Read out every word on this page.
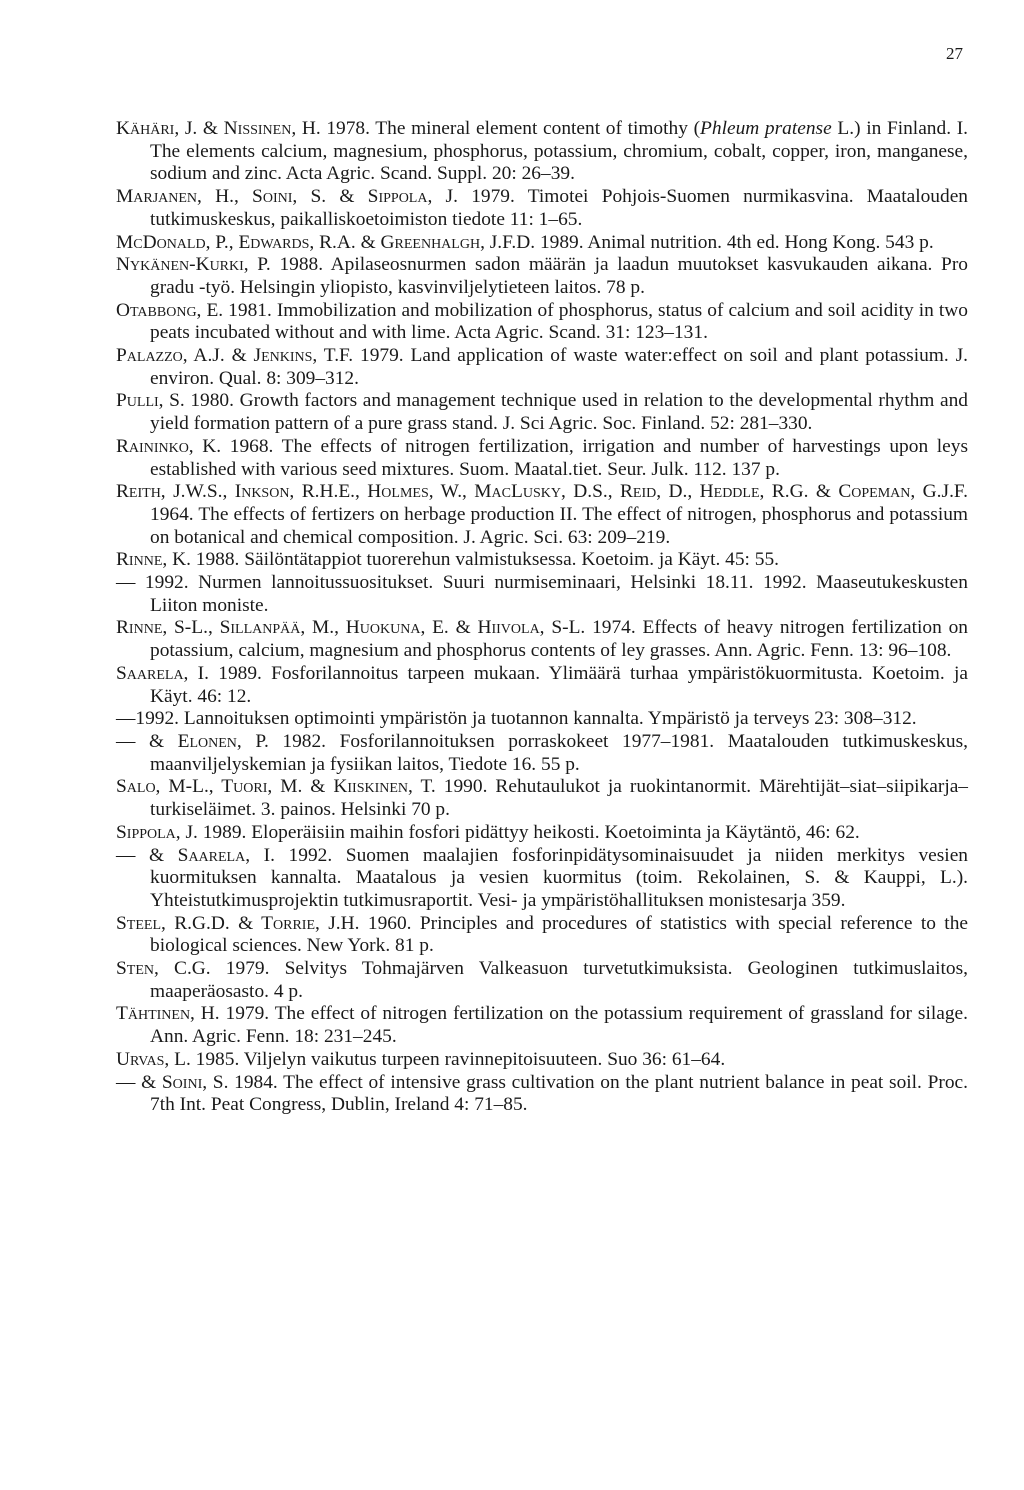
27

Kähäri, J. & Nissinen, H. 1978. The mineral element content of timothy (Phleum pratense L.) in Finland. I. The elements calcium, magnesium, phosphorus, potassium, chromium, cobalt, copper, iron, manganese, sodium and zinc. Acta Agric. Scand. Suppl. 20: 26–39.

Marjanen, H., Soini, S. & Sippola, J. 1979. Timotei Pohjois-Suomen nurmikasvina. Maatalouden tutkimuskeskus, paikalliskoetoimiston tiedote 11: 1–65.

McDonald, P., Edwards, R.A. & Greenhalgh, J.F.D. 1989. Animal nutrition. 4th ed. Hong Kong. 543 p.

Nykänen-Kurki, P. 1988. Apilaseosnurmen sadon määrän ja laadun muutokset kasvukauden aikana. Pro gradu -työ. Helsingin yliopisto, kasvinviljelytieteen laitos. 78 p.

Otabbong, E. 1981. Immobilization and mobilization of phosphorus, status of calcium and soil acidity in two peats incubated without and with lime. Acta Agric. Scand. 31: 123–131.

Palazzo, A.J. & Jenkins, T.F. 1979. Land application of waste water:effect on soil and plant potassium. J. environ. Qual. 8: 309–312.

Pulli, S. 1980. Growth factors and management technique used in relation to the developmental rhythm and yield formation pattern of a pure grass stand. J. Sci Agric. Soc. Finland. 52: 281–330.

Raininko, K. 1968. The effects of nitrogen fertilization, irrigation and number of harvestings upon leys established with various seed mixtures. Suom. Maatal.tiet. Seur. Julk. 112. 137 p.

Reith, J.W.S., Inkson, R.H.E., Holmes, W., MacLusky, D.S., Reid, D., Heddle, R.G. & Copeman, G.J.F. 1964. The effects of fertizers on herbage production II. The effect of nitrogen, phosphorus and potassium on botanical and chemical composition. J. Agric. Sci. 63: 209–219.

Rinne, K. 1988. Säilöntätappiot tuorerehun valmistuksessa. Koetoim. ja Käyt. 45: 55.

— 1992. Nurmen lannoitussuositukset. Suuri nurmiseminaari, Helsinki 18.11. 1992. Maaseutukeskusten Liiton moniste.

Rinne, S-L., Sillanpää, M., Huokuna, E. & Hiivola, S-L. 1974. Effects of heavy nitrogen fertilization on potassium, calcium, magnesium and phosphorus contents of ley grasses. Ann. Agric. Fenn. 13: 96–108.

Saarela, I. 1989. Fosforilannoitus tarpeen mukaan. Ylimäärä turhaa ympäristökuormitusta. Koetoim. ja Käyt. 46: 12.

—1992. Lannoituksen optimointi ympäristön ja tuotannon kannalta. Ympäristö ja terveys 23: 308–312.

— & Elonen, P. 1982. Fosforilannoituksen porraskokeet 1977–1981. Maatalouden tutkimuskeskus, maanviljelyskemian ja fysiikan laitos, Tiedote 16. 55 p.

Salo, M-L., Tuori, M. & Kiiskinen, T. 1990. Rehutaulukot ja ruokintanormit. Märehtijät–siat–siipikarja–turkiseläimet. 3. painos. Helsinki 70 p.

Sippola, J. 1989. Eloperäisiin maihin fosfori pidättyy heikosti. Koetoiminta ja Käytäntö, 46: 62.

— & Saarela, I. 1992. Suomen maalajien fosforinpidätysominaisuudet ja niiden merkitys vesien kuormituksen kannalta. Maatalous ja vesien kuormitus (toim. Rekolainen, S. & Kauppi, L.). Yhteistutkimusprojektin tutkimusraportit. Vesi- ja ympäristöhallituksen monistesarja 359.

Steel, R.G.D. & Torrie, J.H. 1960. Principles and procedures of statistics with special reference to the biological sciences. New York. 81 p.

Sten, C.G. 1979. Selvitys Tohmajärven Valkeasuon turvetutkimuksista. Geologinen tutkimuslaitos, maaperäosasto. 4 p.

Tähtinen, H. 1979. The effect of nitrogen fertilization on the potassium requirement of grassland for silage. Ann. Agric. Fenn. 18: 231–245.

Urvas, L. 1985. Viljelyn vaikutus turpeen ravinnepitoisuuteen. Suo 36: 61–64.

— & Soini, S. 1984. The effect of intensive grass cultivation on the plant nutrient balance in peat soil. Proc. 7th Int. Peat Congress, Dublin, Ireland 4: 71–85.
